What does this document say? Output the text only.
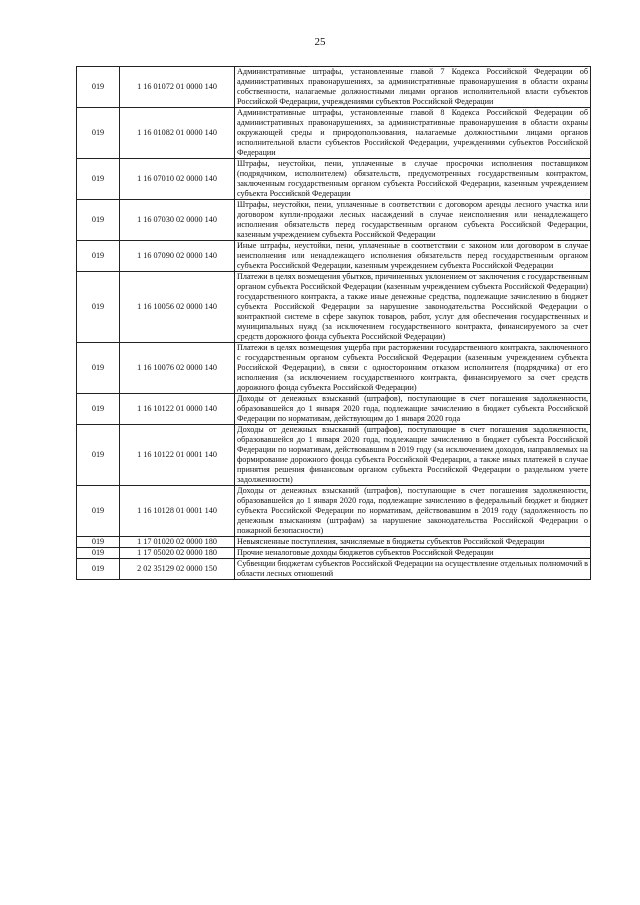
25
019	1 16 01072 01 0000 140	Административные штрафы, установленные главой 7 Кодекса Российской Федерации об административных правонарушениях, за административные правонарушения в области охраны собственности, налагаемые должностными лицами органов исполнительной власти субъектов Российской Федерации, учреждениями субъектов Российской Федерации
019	1 16 01082 01 0000 140	Административные штрафы, установленные главой 8 Кодекса Российской Федерации об административных правонарушениях, за административные правонарушения в области охраны окружающей среды и природопользования, налагаемые должностными лицами органов исполнительной власти субъектов Российской Федерации, учреждениями субъектов Российской Федерации
019	1 16 07010 02 0000 140	Штрафы, неустойки, пени, уплаченные в случае просрочки исполнения поставщиком (подрядчиком, исполнителем) обязательств, предусмотренных государственным контрактом, заключенным государственным органом субъекта Российской Федерации, казенным учреждением субъекта Российской Федерации
019	1 16 07030 02 0000 140	Штрафы, неустойки, пени, уплаченные в соответствии с договором аренды лесного участка или договором купли-продажи лесных насаждений в случае неисполнения или ненадлежащего исполнения обязательств перед государственным органом субъекта Российской Федерации, казенным учреждением субъекта Российской Федерации
019	1 16 07090 02 0000 140	Иные штрафы, неустойки, пени, уплаченные в соответствии с законом или договором в случае неисполнения или ненадлежащего исполнения обязательств перед государственным органом субъекта Российской Федерации, казенным учреждением субъекта Российской Федерации
019	1 16 10056 02 0000 140	Платежи в целях возмещения убытков, причиненных уклонением от заключения с государственным органом субъекта Российской Федерации (казенным учреждением субъекта Российской Федерации) государственного контракта, а также иные денежные средства, подлежащие зачислению в бюджет субъекта Российской Федерации за нарушение законодательства Российской Федерации о контрактной системе в сфере закупок товаров, работ, услуг для обеспечения государственных и муниципальных нужд (за исключением государственного контракта, финансируемого за счет средств дорожного фонда субъекта Российской Федерации)
019	1 16 10076 02 0000 140	Платежи в целях возмещения ущерба при расторжении государственного контракта, заключенного с государственным органом субъекта Российской Федерации (казенным учреждением субъекта Российской Федерации), в связи с односторонним отказом исполнителя (подрядчика) от его исполнения (за исключением государственного контракта, финансируемого за счет средств дорожного фонда субъекта Российской Федерации)
019	1 16 10122 01 0000 140	Доходы от денежных взысканий (штрафов), поступающие в счет погашения задолженности, образовавшейся до 1 января 2020 года, подлежащие зачислению в бюджет субъекта Российской Федерации по нормативам, действующим до 1 января 2020 года
019	1 16 10122 01 0001 140	Доходы от денежных взысканий (штрафов), поступающие в счет погашения задолженности, образовавшейся до 1 января 2020 года, подлежащие зачислению в бюджет субъекта Российской Федерации по нормативам, действовавшим в 2019 году (за исключением доходов, направляемых на формирование дорожного фонда субъекта Российской Федерации, а также иных платежей в случае принятия решения финансовым органом субъекта Российской Федерации о раздельном учете задолженности)
019	1 16 10128 01 0001 140	Доходы от денежных взысканий (штрафов), поступающие в счет погашения задолженности, образовавшейся до 1 января 2020 года, подлежащие зачислению в федеральный бюджет и бюджет субъекта Российской Федерации по нормативам, действовавшим в 2019 году (задолженность по денежным взысканиям (штрафам) за нарушение законодательства Российской Федерации о пожарной безопасности)
019	1 17 01020 02 0000 180	Невыясненные поступления, зачисляемые в бюджеты субъектов Российской Федерации
019	1 17 05020 02 0000 180	Прочие неналоговые доходы бюджетов субъектов Российской Федерации
019	2 02 35129 02 0000 150	Субвенции бюджетам субъектов Российской Федерации на осуществление отдельных полномочий в области лесных отношений
